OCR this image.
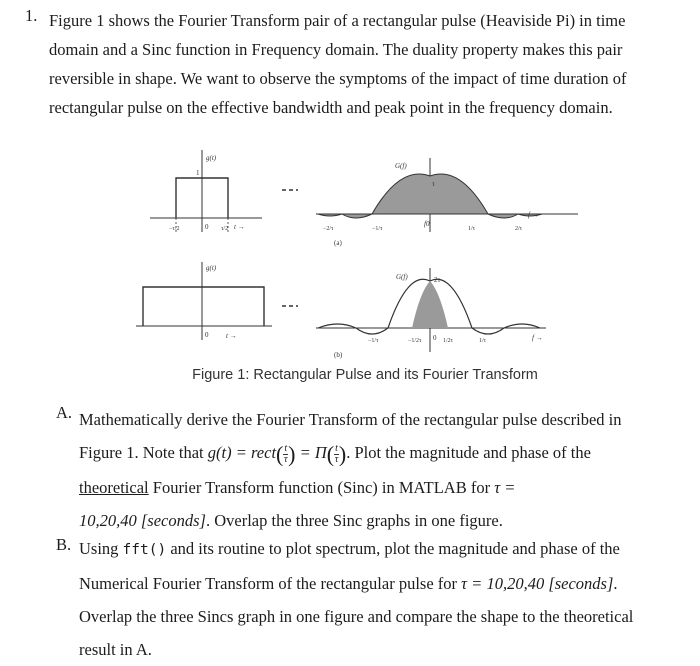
1. Figure 1 shows the Fourier Transform pair of a rectangular pulse (Heaviside Pi) in time
domain and a Sinc function in Frequency domain. The duality property makes this pair
reversible in shape. We want to observe the symptoms of the impact of time duration of
rectangular pulse on the effective bandwidth and peak point in the frequency domain.
g(t)
1
0	t →
−τ/2	τ/2
G(f)
τ
f0
f →
−2/τ	−1/τ	1/τ	2/τ
(a)
g(t)
0	t →
G(f)	2τ
0	f →
−1/τ	−1/2τ	1/2τ	1/τ
(b)
Figure 1: Rectangular Pulse and its Fourier Transform
A. Mathematically derive the Fourier Transform of the rectangular pulse described in
Figure 1. Note that g(t) = rect( $\frac{t}{\tau}$ ) = $\Pi( \frac{t}{\tau}$ ). Plot the magnitude and phase of the
theoretical Fourier Transform function (Sinc) in MATLAB for τ =
10,20,40 [seconds]. Overlap the three Sinc graphs in one figure.
B. Using fft() and its routine to plot spectrum, plot the magnitude and phase of the
Numerical Fourier Transform of the rectangular pulse for τ = 10,20,40 [seconds].
Overlap the three Sincs graph in one figure and compare the shape to the theoretical
result in A.
